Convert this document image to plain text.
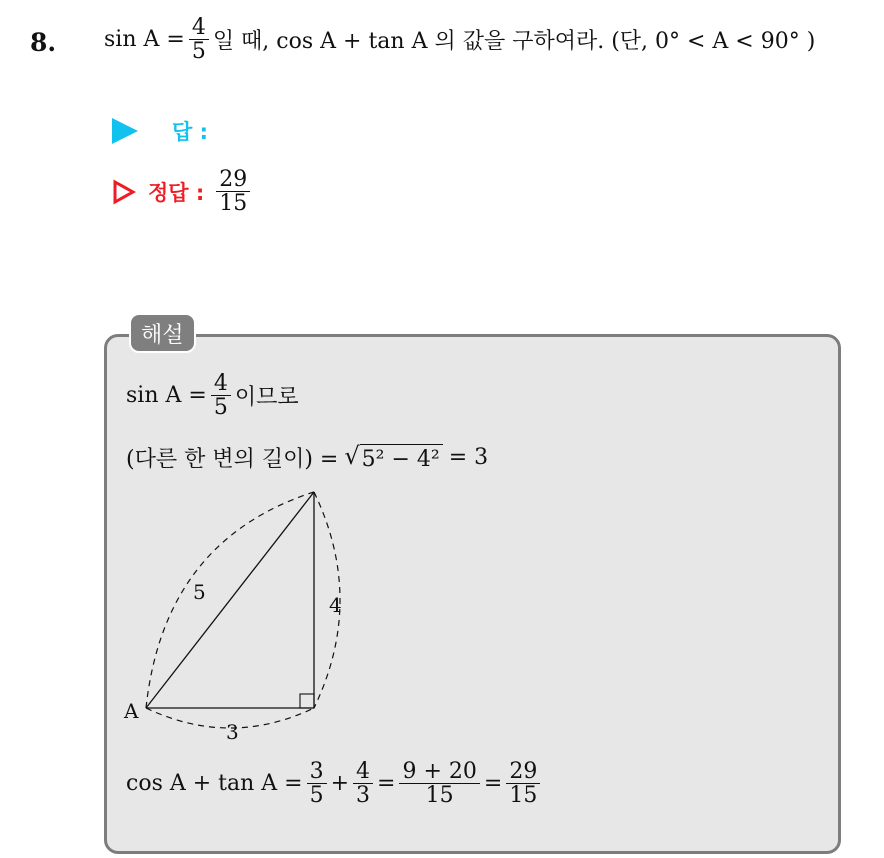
8. $\sin A = \frac{4}{5}$ 일 때, cos A + tan A 의 값을 구하여라. (단, 0° < A < 90° )
답 :
정답 : $\frac{29}{15}$
해설
$\sin A = \frac{4}{5}$ 이므로
(다른 한 변의 길이) = √ 5² − 4² = 3
A
5
4
3
$\cos A + \tan A = \frac{3}{5} + \frac{4}{3} = \frac{9 + 20}{15} = \frac{29}{15}$
